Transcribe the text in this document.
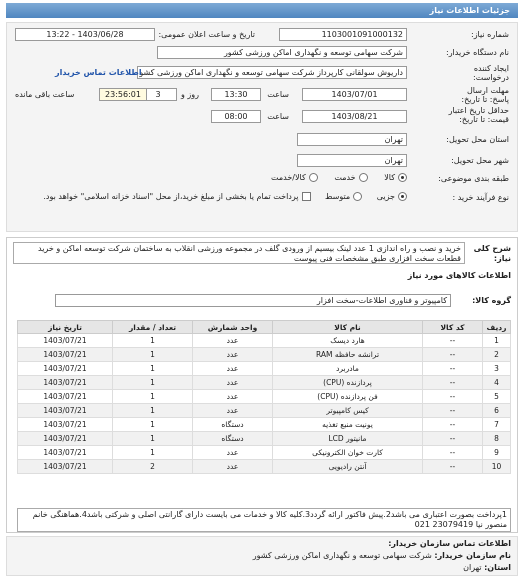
جزئیات اطلاعات نیاز
شماره نیاز:
1103001091000132
تاریخ و ساعت اعلان عمومی:
1403/06/28 - 13:22
نام دستگاه خریدار:
شرکت سهامی توسعه و نگهداری اماکن ورزشی کشور
ایجاد کننده درخواست:
داریوش سولقانی کارپرداز شرکت سهامی توسعه و نگهداری اماکن ورزشی کشو
اطلاعات تماس خریدار
مهلت ارسال پاسخ: تا تاریخ:
1403/07/01
ساعت
13:30
3	روز و
23:56:01
ساعت باقی مانده
حداقل تاریخ اعتبار قیمت: تا تاریخ:
1403/08/21
ساعت
08:00
استان محل تحویل:
تهران
شهر محل تحویل:
تهران
طبقه بندی موضوعی:
کالا خدمت کالا/خدمت
نوع فرآیند خرید :
جزیی متوسط پرداخت تمام یا بخشی از مبلغ خرید،از محل "اسناد خزانه اسلامی" خواهد بود.
شرح کلی نیاز:
خرید و نصب و راه اندازی 1 عدد لینک بیسیم از ورودی گلف در مجموعه ورزشی انقلاب به ساختمان شرکت توسعه اماکن و خرید قطعات سخت افزاری طبق مشخصات فنی پیوست
اطلاعات کالاهای مورد نیاز
گروه کالا:
کامپیوتر و فناوری اطلاعات-سخت افزار
ردیف	کد کالا	نام کالا	واحد شمارش	تعداد / مقدار	تاریخ نیاز
1	--	هارد دیسک	عدد	1	1403/07/21
2	--	ترانشه حافظه RAM	عدد	1	1403/07/21
3	--	مادربرد	عدد	1	1403/07/21
4	--	پردازنده (CPU)	عدد	1	1403/07/21
5	--	فن پردازنده (CPU)	عدد	1	1403/07/21
6	--	کیس کامپیوتر	عدد	1	1403/07/21
7	--	یونیت منبع تغذیه	دستگاه	1	1403/07/21
8	--	مانیتور LCD	دستگاه	1	1403/07/21
9	--	کارت خوان الکترونیکی	عدد	1	1403/07/21
10	--	آنتن رادیویی	عدد	2	1403/07/21
1پرداخت بصورت اعتباری می باشد2.پیش فاکتور ارائه گردد3.کلیه کالا و خدمات می بایست دارای گارانتی اصلی و شرکتی باشد4.هماهنگی خانم منصور نیا 23079419 021
اطلاعات تماس سازمان خریدار:
نام سازمان خریدار: شرکت سهامی توسعه و نگهداری اماکن ورزشی کشور
استان: تهران
